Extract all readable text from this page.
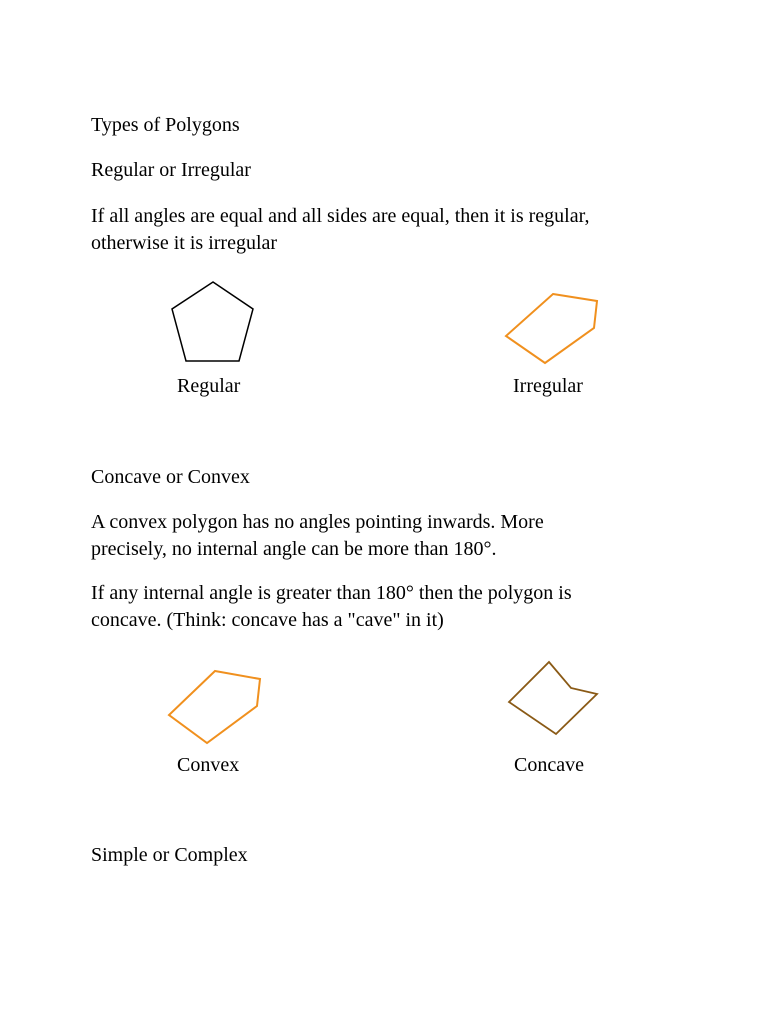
Types of Polygons
Regular or Irregular
If all angles are equal and all sides are equal, then it is regular,
otherwise it is irregular
Regular	Irregular
Concave or Convex
A convex polygon has no angles pointing inwards. More
precisely, no internal angle can be more than 180°.
If any internal angle is greater than 180° then the polygon is
concave. (Think: concave has a "cave" in it)
Convex	Concave
Simple or Complex
